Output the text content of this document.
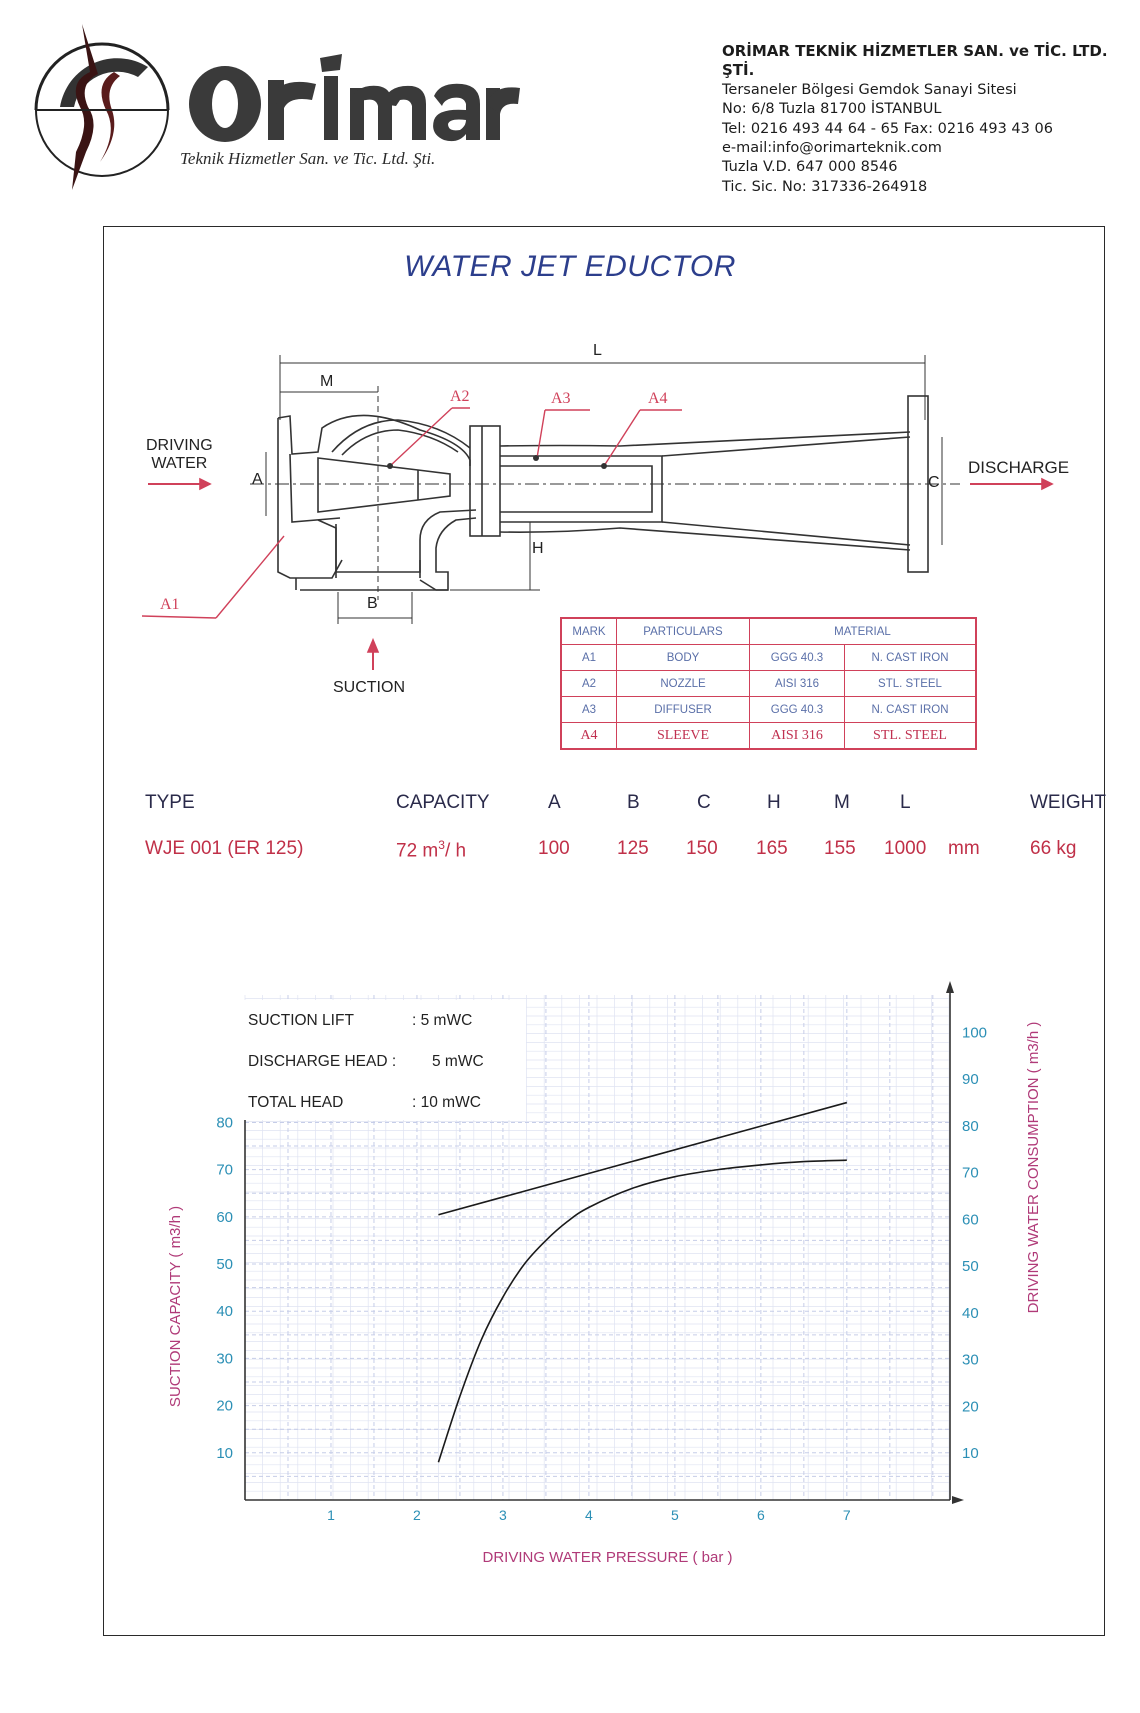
Teknik Hizmetler San. ve Tic. Ltd. Şti.
ORİMAR TEKNİK HİZMETLER SAN. ve TİC. LTD. ŞTİ.
Tersaneler Bölgesi Gemdok Sanayi Sitesi
No: 6/8 Tuzla 81700 İSTANBUL
Tel: 0216 493 44 64 - 65 Fax: 0216 493 43 06
e-mail:info@orimarteknik.com
Tuzla V.D. 647 000 8546
Tic. Sic. No: 317336-264918
WATER JET EDUCTOR
DRIVING
WATER	DISCHARGE
SUCTION
L
M
A
B
C
H
A1
A2	A3	A4
MARK	PARTICULARS	MATERIAL	
A1	BODY	GGG 40.3	N. CAST IRON
A2	NOZZLE	AISI 316	STL. STEEL
A3	DIFFUSER	GGG 40.3	N. CAST IRON
A4	SLEEVE	AISI 316	STL. STEEL
TYPE	CAPACITY	A	B	C	H	M	L	WEIGHT
WJE 001 (ER 125)	72 $m^3/$ h	100 125 150 165 155 1000 mm	66 kg
1	2	3	4	5	6	7
10
20
30
40
50
60
70
80
10
20
30
40
50
60
70
80
90
100
DRIVING WATER PRESSURE ( bar )
SUCTION CAPACITY ( m3/h )	DRIVING WATER CONSUMPTION ( m3/h )
SUCTION LIFT	: 5 mWC
DISCHARGE HEAD : 5 mWC
TOTAL HEAD	: 10 mWC
